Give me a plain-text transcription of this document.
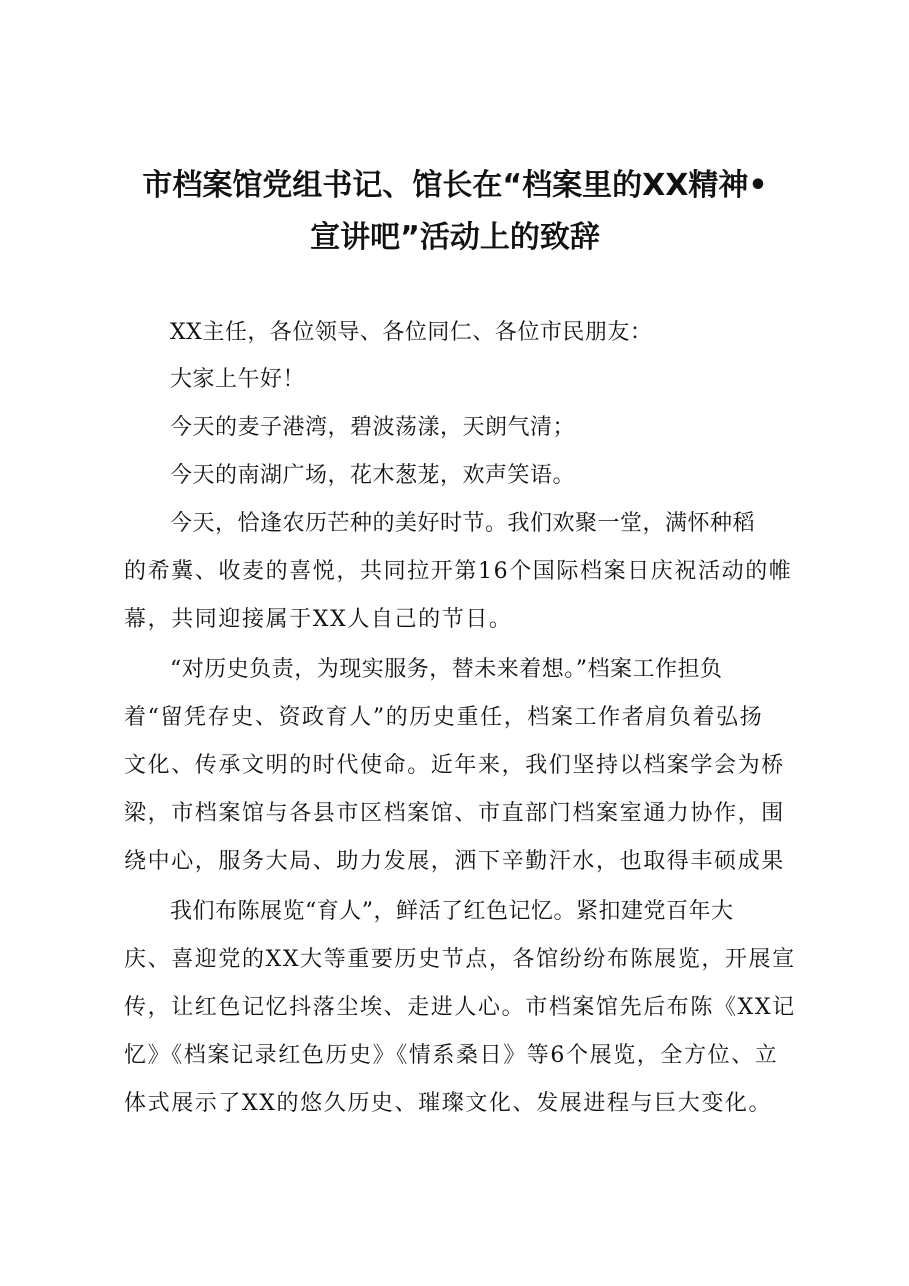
市档案馆党组书记、馆长在“档案里的XX精神•
宣讲吧”活动上的致辞

XX主任，各位领导、各位同仁、各位市民朋友：

大家上午好！

今天的麦子港湾，碧波荡漾，天朗气清；

今天的南湖广场，花木葱茏，欢声笑语。

今天，恰逢农历芒种的美好时节。我们欢聚一堂，满怀种稻

的希冀、收麦的喜悦，共同拉开第16个国际档案日庆祝活动的帷

幕，共同迎接属于XX人自己的节日。

“对历史负责，为现实服务，替未来着想。”档案工作担负

着“留凭存史、资政育人”的历史重任，档案工作者肩负着弘扬

文化、传承文明的时代使命。近年来，我们坚持以档案学会为桥

梁，市档案馆与各县市区档案馆、市直部门档案室通力协作，围

绕中心，服务大局、助力发展，洒下辛勤汗水，也取得丰硕成果

我们布陈展览“育人”，鲜活了红色记忆。紧扣建党百年大

庆、喜迎党的XX大等重要历史节点，各馆纷纷布陈展览，开展宣

传，让红色记忆抖落尘埃、走进人心。市档案馆先后布陈《XX记

忆》《档案记录红色历史》《情系桑日》等6个展览，全方位、立

体式展示了XX的悠久历史、璀璨文化、发展进程与巨大变化。
